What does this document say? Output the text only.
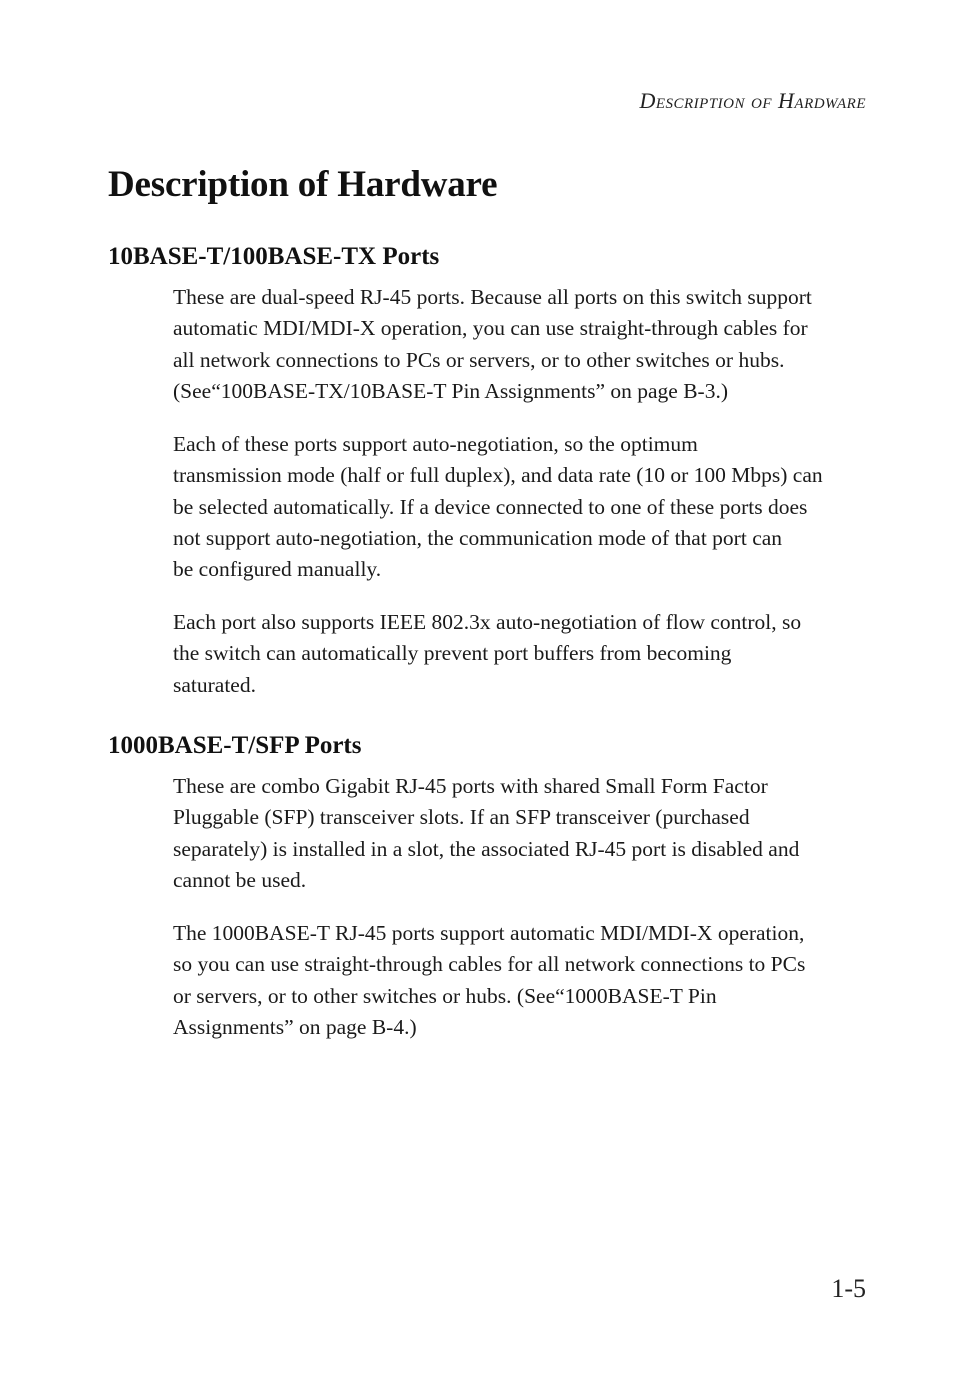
Description of Hardware
Description of Hardware
10BASE-T/100BASE-TX Ports

These are dual-speed RJ-45 ports. Because all ports on this switch support
automatic MDI/MDI-X operation, you can use straight-through cables for
all network connections to PCs or servers, or to other switches or hubs.
(See“100BASE-TX/10BASE-T Pin Assignments” on page B-3.)

Each of these ports support auto-negotiation, so the optimum
transmission mode (half or full duplex), and data rate (10 or 100 Mbps) can
be selected automatically. If a device connected to one of these ports does
not support auto-negotiation, the communication mode of that port can
be configured manually.

Each port also supports IEEE 802.3x auto-negotiation of flow control, so
the switch can automatically prevent port buffers from becoming
saturated.

1000BASE-T/SFP Ports

These are combo Gigabit RJ-45 ports with shared Small Form Factor
Pluggable (SFP) transceiver slots. If an SFP transceiver (purchased
separately) is installed in a slot, the associated RJ-45 port is disabled and
cannot be used.

The 1000BASE-T RJ-45 ports support automatic MDI/MDI-X operation,
so you can use straight-through cables for all network connections to PCs
or servers, or to other switches or hubs. (See“1000BASE-T Pin
Assignments” on page B-4.)

1-5
